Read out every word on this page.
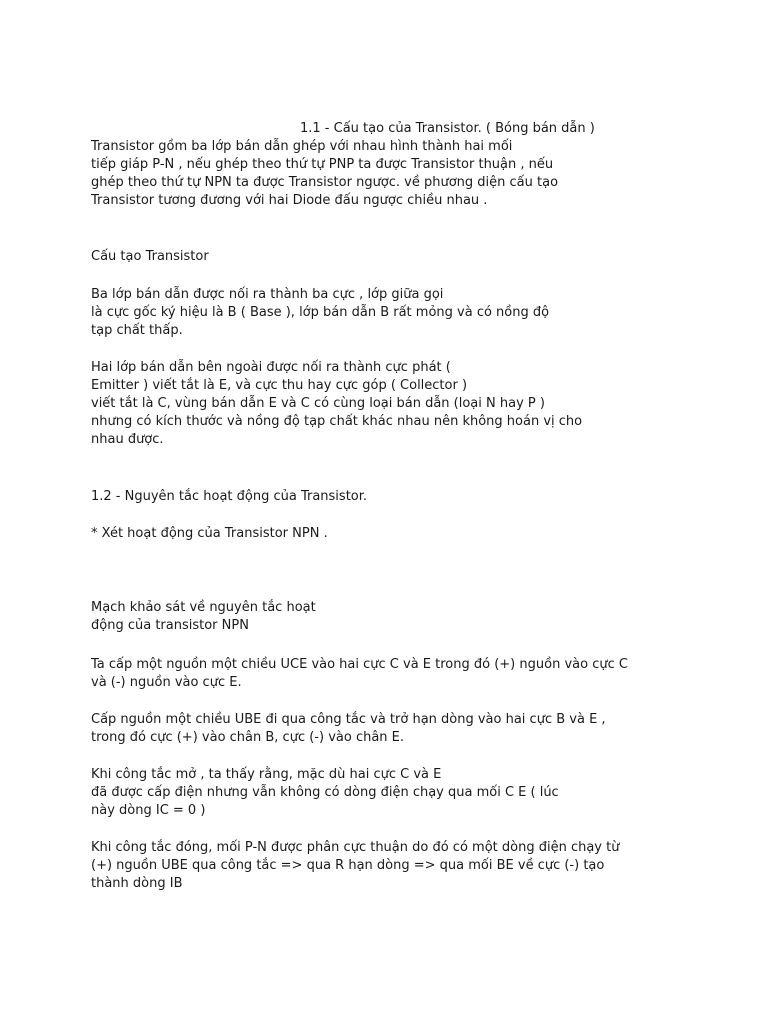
1.1 - Cấu tạo của Transistor. ( Bóng bán dẫn )
Transistor gồm ba lớp bán dẫn ghép với nhau hình thành hai mối
tiếp giáp P-N , nếu ghép theo thứ tự PNP ta được Transistor thuận , nếu
ghép theo thứ tự NPN ta được Transistor ngược. về phương diện cấu tạo
Transistor tương đương với hai Diode đấu ngược chiều nhau .
Cấu tạo Transistor
Ba lớp bán dẫn được nối ra thành ba cực , lớp giữa gọi
là cực gốc ký hiệu là B ( Base ), lớp bán dẫn B rất mỏng và có nồng độ
tạp chất thấp.
Hai lớp bán dẫn bên ngoài được nối ra thành cực phát (
Emitter ) viết tắt là E, và cực thu hay cực góp ( Collector )
viết tắt là C, vùng bán dẫn E và C có cùng loại bán dẫn (loại N hay P )
nhưng có kích thước và nồng độ tạp chất khác nhau nên không hoán vị cho
nhau được.
1.2 - Nguyên tắc hoạt động của Transistor.
* Xét hoạt động của Transistor NPN .
Mạch khảo sát về nguyên tắc hoạt
động của transistor NPN
Ta cấp một nguồn một chiều UCE vào hai cực C và E trong đó (+) nguồn vào cực C
và (-) nguồn vào cực E.
Cấp nguồn một chiều UBE đi qua công tắc và trở hạn dòng vào hai cực B và E ,
trong đó cực (+) vào chân B, cực (-) vào chân E.
Khi công tắc mở , ta thấy rằng, mặc dù hai cực C và E
đã được cấp điện nhưng vẫn không có dòng điện chạy qua mối C E ( lúc
này dòng IC = 0 )
Khi công tắc đóng, mối P-N được phân cực thuận do đó có một dòng điện chạy từ
(+) nguồn UBE qua công tắc => qua R hạn dòng => qua mối BE về cực (-) tạo
thành dòng IB
